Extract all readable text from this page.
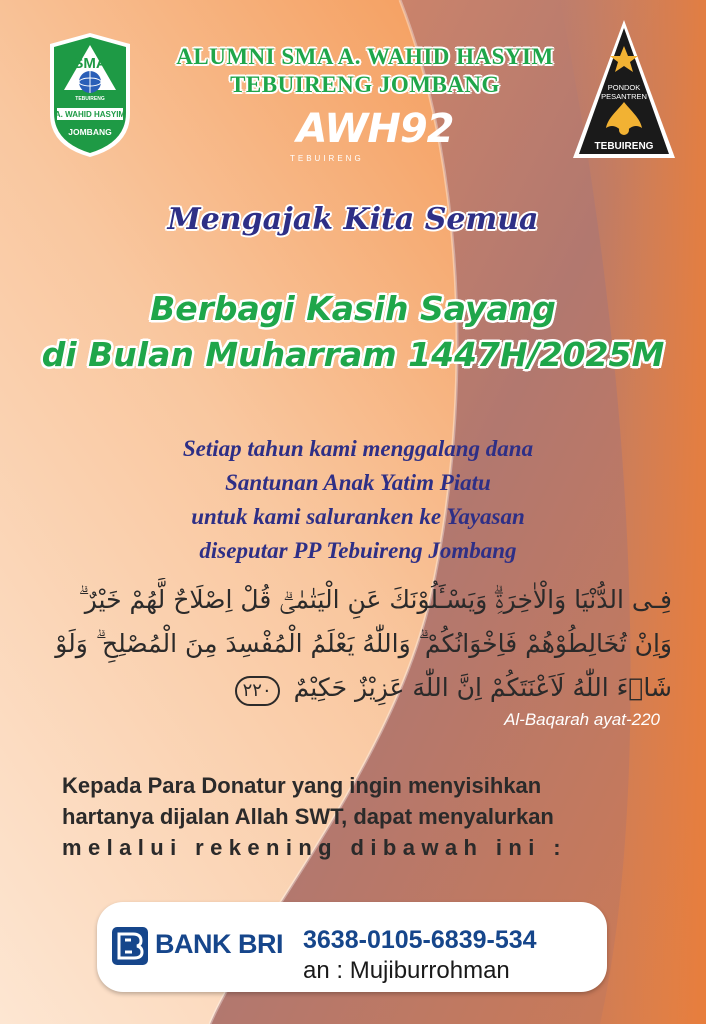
SMA
TEBUIRENG
A. WAHID HASYIM
JOMBANG
ALUMNI SMA A. WAHID HASYIM
TEBUIRENG JOMBANG
AWH92
TEBUIRENG
PONDOK
PESANTREN
TEBUIRENG
Mengajak Kita Semua
Berbagi Kasih Sayang
di Bulan Muharram 1447H/2025M
Setiap tahun kami menggalang dana
Santunan Anak Yatim Piatu
untuk kami saluranken ke Yayasan
diseputar PP Tebuireng Jombang
فِـى الدُّنْيَا وَالْاٰخِرَةِۗ وَيَسْـَٔلُوْنَكَ عَنِ الْيَتٰمٰىۗ قُلْ اِصْلَاحٌ لَّهُمْ خَيْرٌ ۗ
وَاِنْ تُخَالِطُوْهُمْ فَاِخْوَانُكُمْ ۗ وَاللّٰهُ يَعْلَمُ الْمُفْسِدَ مِنَ الْمُصْلِحِ ۗ وَلَوْ
شَاۤءَ اللّٰهُ لَاَعْنَتَكُمْ اِنَّ اللّٰهَ عَزِيْزٌ حَكِيْمٌ ٢٢٠
Al-Baqarah ayat-220
Kepada Para Donatur yang ingin menyisihkan
hartanya dijalan Allah SWT, dapat menyalurkan
melalui rekening dibawah ini :
BANK BRI 3638-0105-6839-534
an : Mujiburrohman
